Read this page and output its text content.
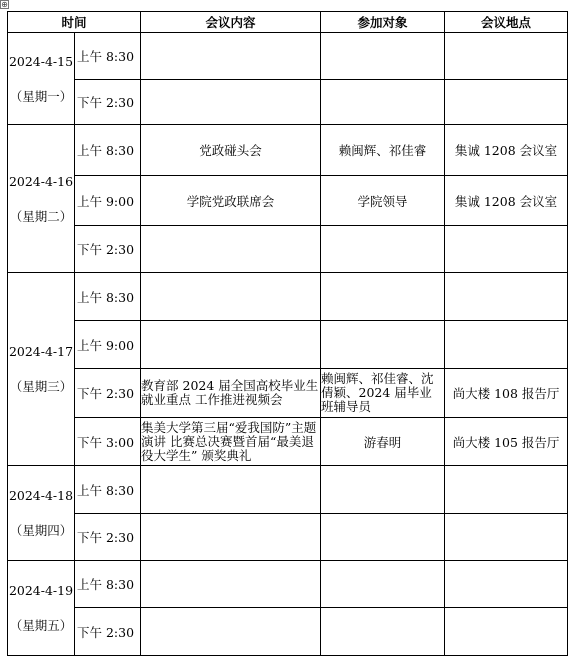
⊕
时间		会议内容	参加对象	会议地点

2024-4-15
（星期一）	上午 8:30			
	下午 2:30			

2024-4-16
（星期二）	上午 8:30	党政碰头会	赖闽辉、祁佳睿	集诚 1208 会议室
	上午 9:00	学院党政联席会	学院领导	集诚 1208 会议室
	下午 2:30			

2024-4-17
（星期三）	上午 8:30			
	上午 9:00			
	下午 2:30	教育部 2024 届全国高校毕业生就业重点 工作推进视频会	赖闽辉、祁佳睿、沈倩颖、2024 届毕业班辅导员	尚大楼 108 报告厅
	下午 3:00	集美大学第三届“爱我国防”主题演讲 比赛总决赛暨首届“最美退役大学生” 颁奖典礼	游春明	尚大楼 105 报告厅

2024-4-18
（星期四）	上午 8:30			
	下午 2:30			

2024-4-19
（星期五）	上午 8:30			
	下午 2:30			
